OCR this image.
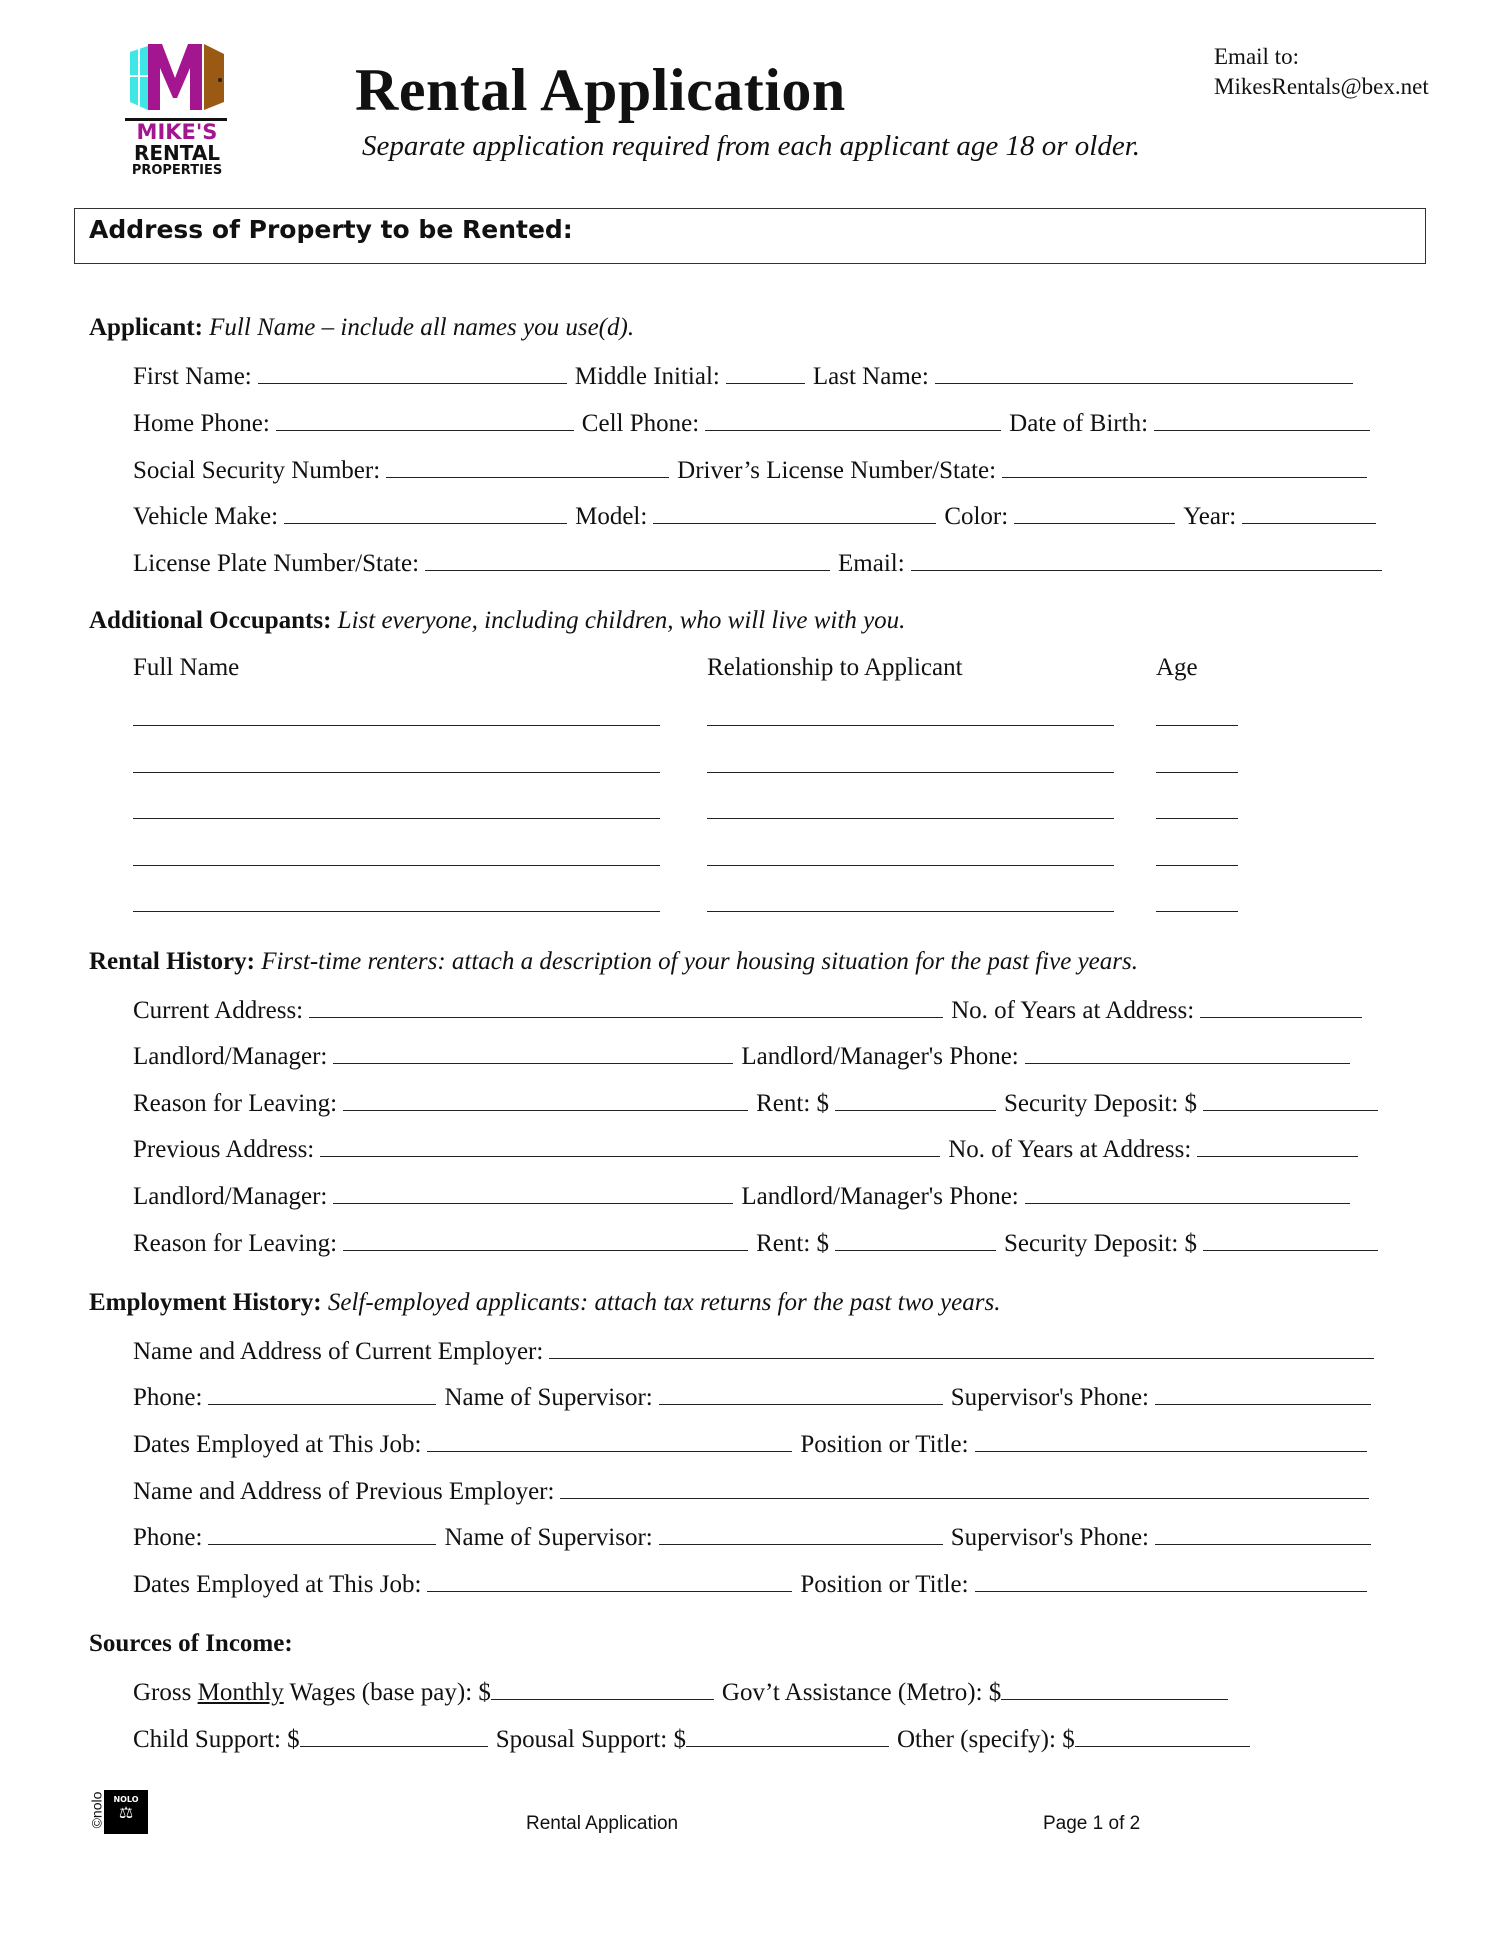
MIKE'S
RENTAL
PROPERTIES
Rental Application
Separate application required from each applicant age 18 or older.
Email to:
MikesRentals@bex.net
Address of Property to be Rented:
Applicant: Full Name – include all names you use(d).
First Name:	Middle Initial:	Last Name:
Home Phone:	Cell Phone:	Date of Birth:
Social Security Number:	Driver’s License Number/State:
Vehicle Make:	Model:	Color:	Year:
License Plate Number/State:	Email:
Additional Occupants: List everyone, including children, who will live with you.
Full Name	Relationship to Applicant	Age
Rental History: First-time renters: attach a description of your housing situation for the past five years.
Current Address:	No. of Years at Address:
Landlord/Manager:	Landlord/Manager's Phone:
Reason for Leaving:	Rent: $	Security Deposit: $
Previous Address:	No. of Years at Address:
Landlord/Manager:	Landlord/Manager's Phone:
Reason for Leaving:	Rent: $	Security Deposit: $
Employment History: Self-employed applicants: attach tax returns for the past two years.
Name and Address of Current Employer:
Phone:	Name of Supervisor:	Supervisor's Phone:
Dates Employed at This Job:	Position or Title:
Name and Address of Previous Employer:
Phone:	Name of Supervisor:	Supervisor's Phone:
Dates Employed at This Job:	Position or Title:
Sources of Income:
Gross Monthly Wages (base pay): $	Gov’t Assistance (Metro): $
Child Support: $	Spousal Support: $	Other (specify): $
©nolo	NOLO
⚖
Rental Application	Page 1 of 2
